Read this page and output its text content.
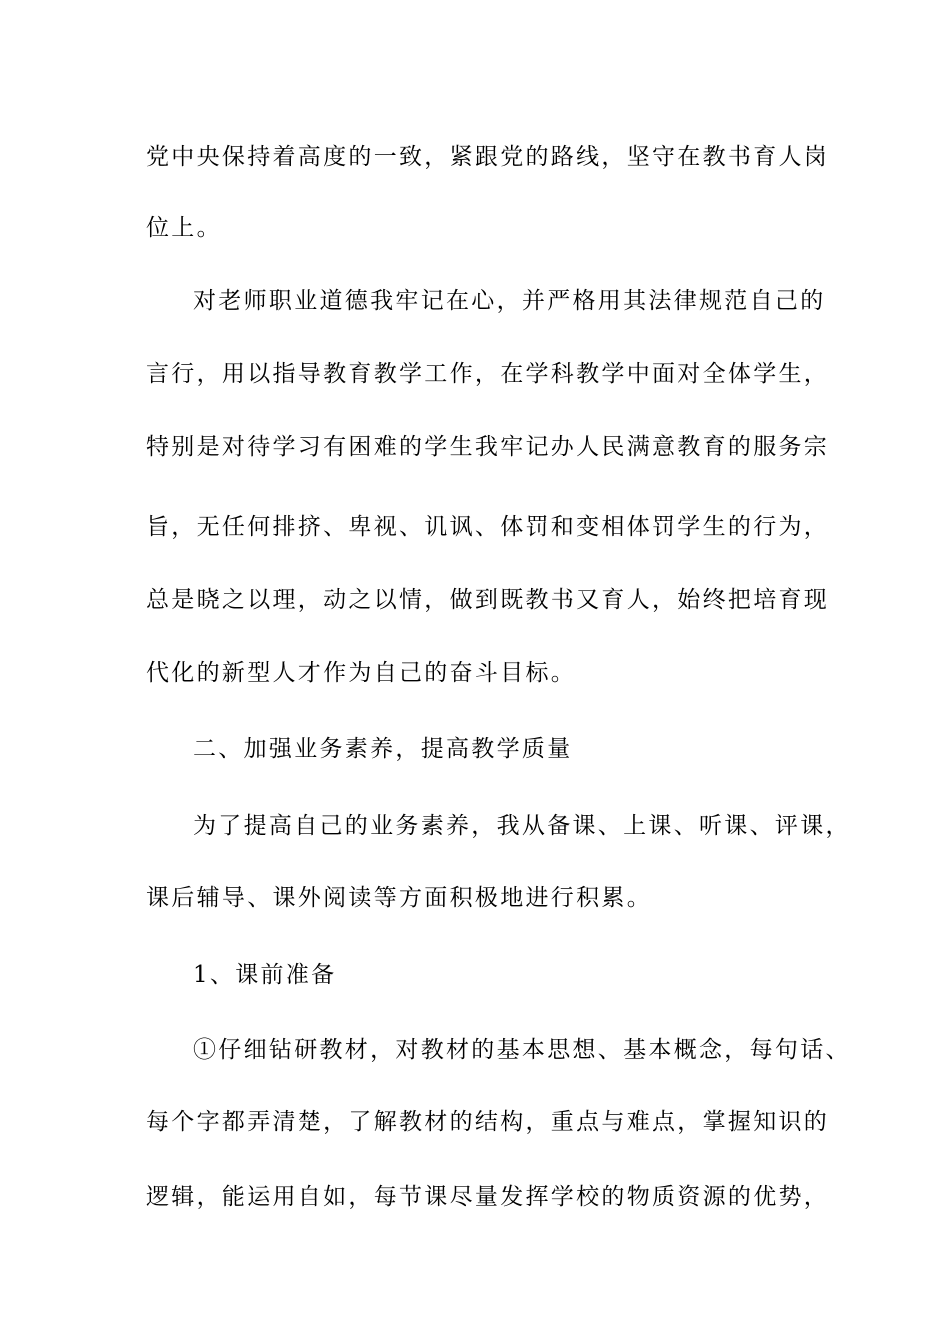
党中央保持着高度的一致，紧跟党的路线，坚守在教书育人岗
位上。
对老师职业道德我牢记在心，并严格用其法律规范自己的
言行，用以指导教育教学工作，在学科教学中面对全体学生，
特别是对待学习有困难的学生我牢记办人民满意教育的服务宗
旨，无任何排挤、卑视、讥讽、体罚和变相体罚学生的行为，
总是晓之以理，动之以情，做到既教书又育人，始终把培育现
代化的新型人才作为自己的奋斗目标。
二、加强业务素养，提高教学质量
为了提高自己的业务素养，我从备课、上课、听课、评课，
课后辅导、课外阅读等方面积极地进行积累。
1、课前准备
①仔细钻研教材，对教材的基本思想、基本概念，每句话、
每个字都弄清楚，了解教材的结构，重点与难点，掌握知识的
逻辑，能运用自如，每节课尽量发挥学校的物质资源的优势，
